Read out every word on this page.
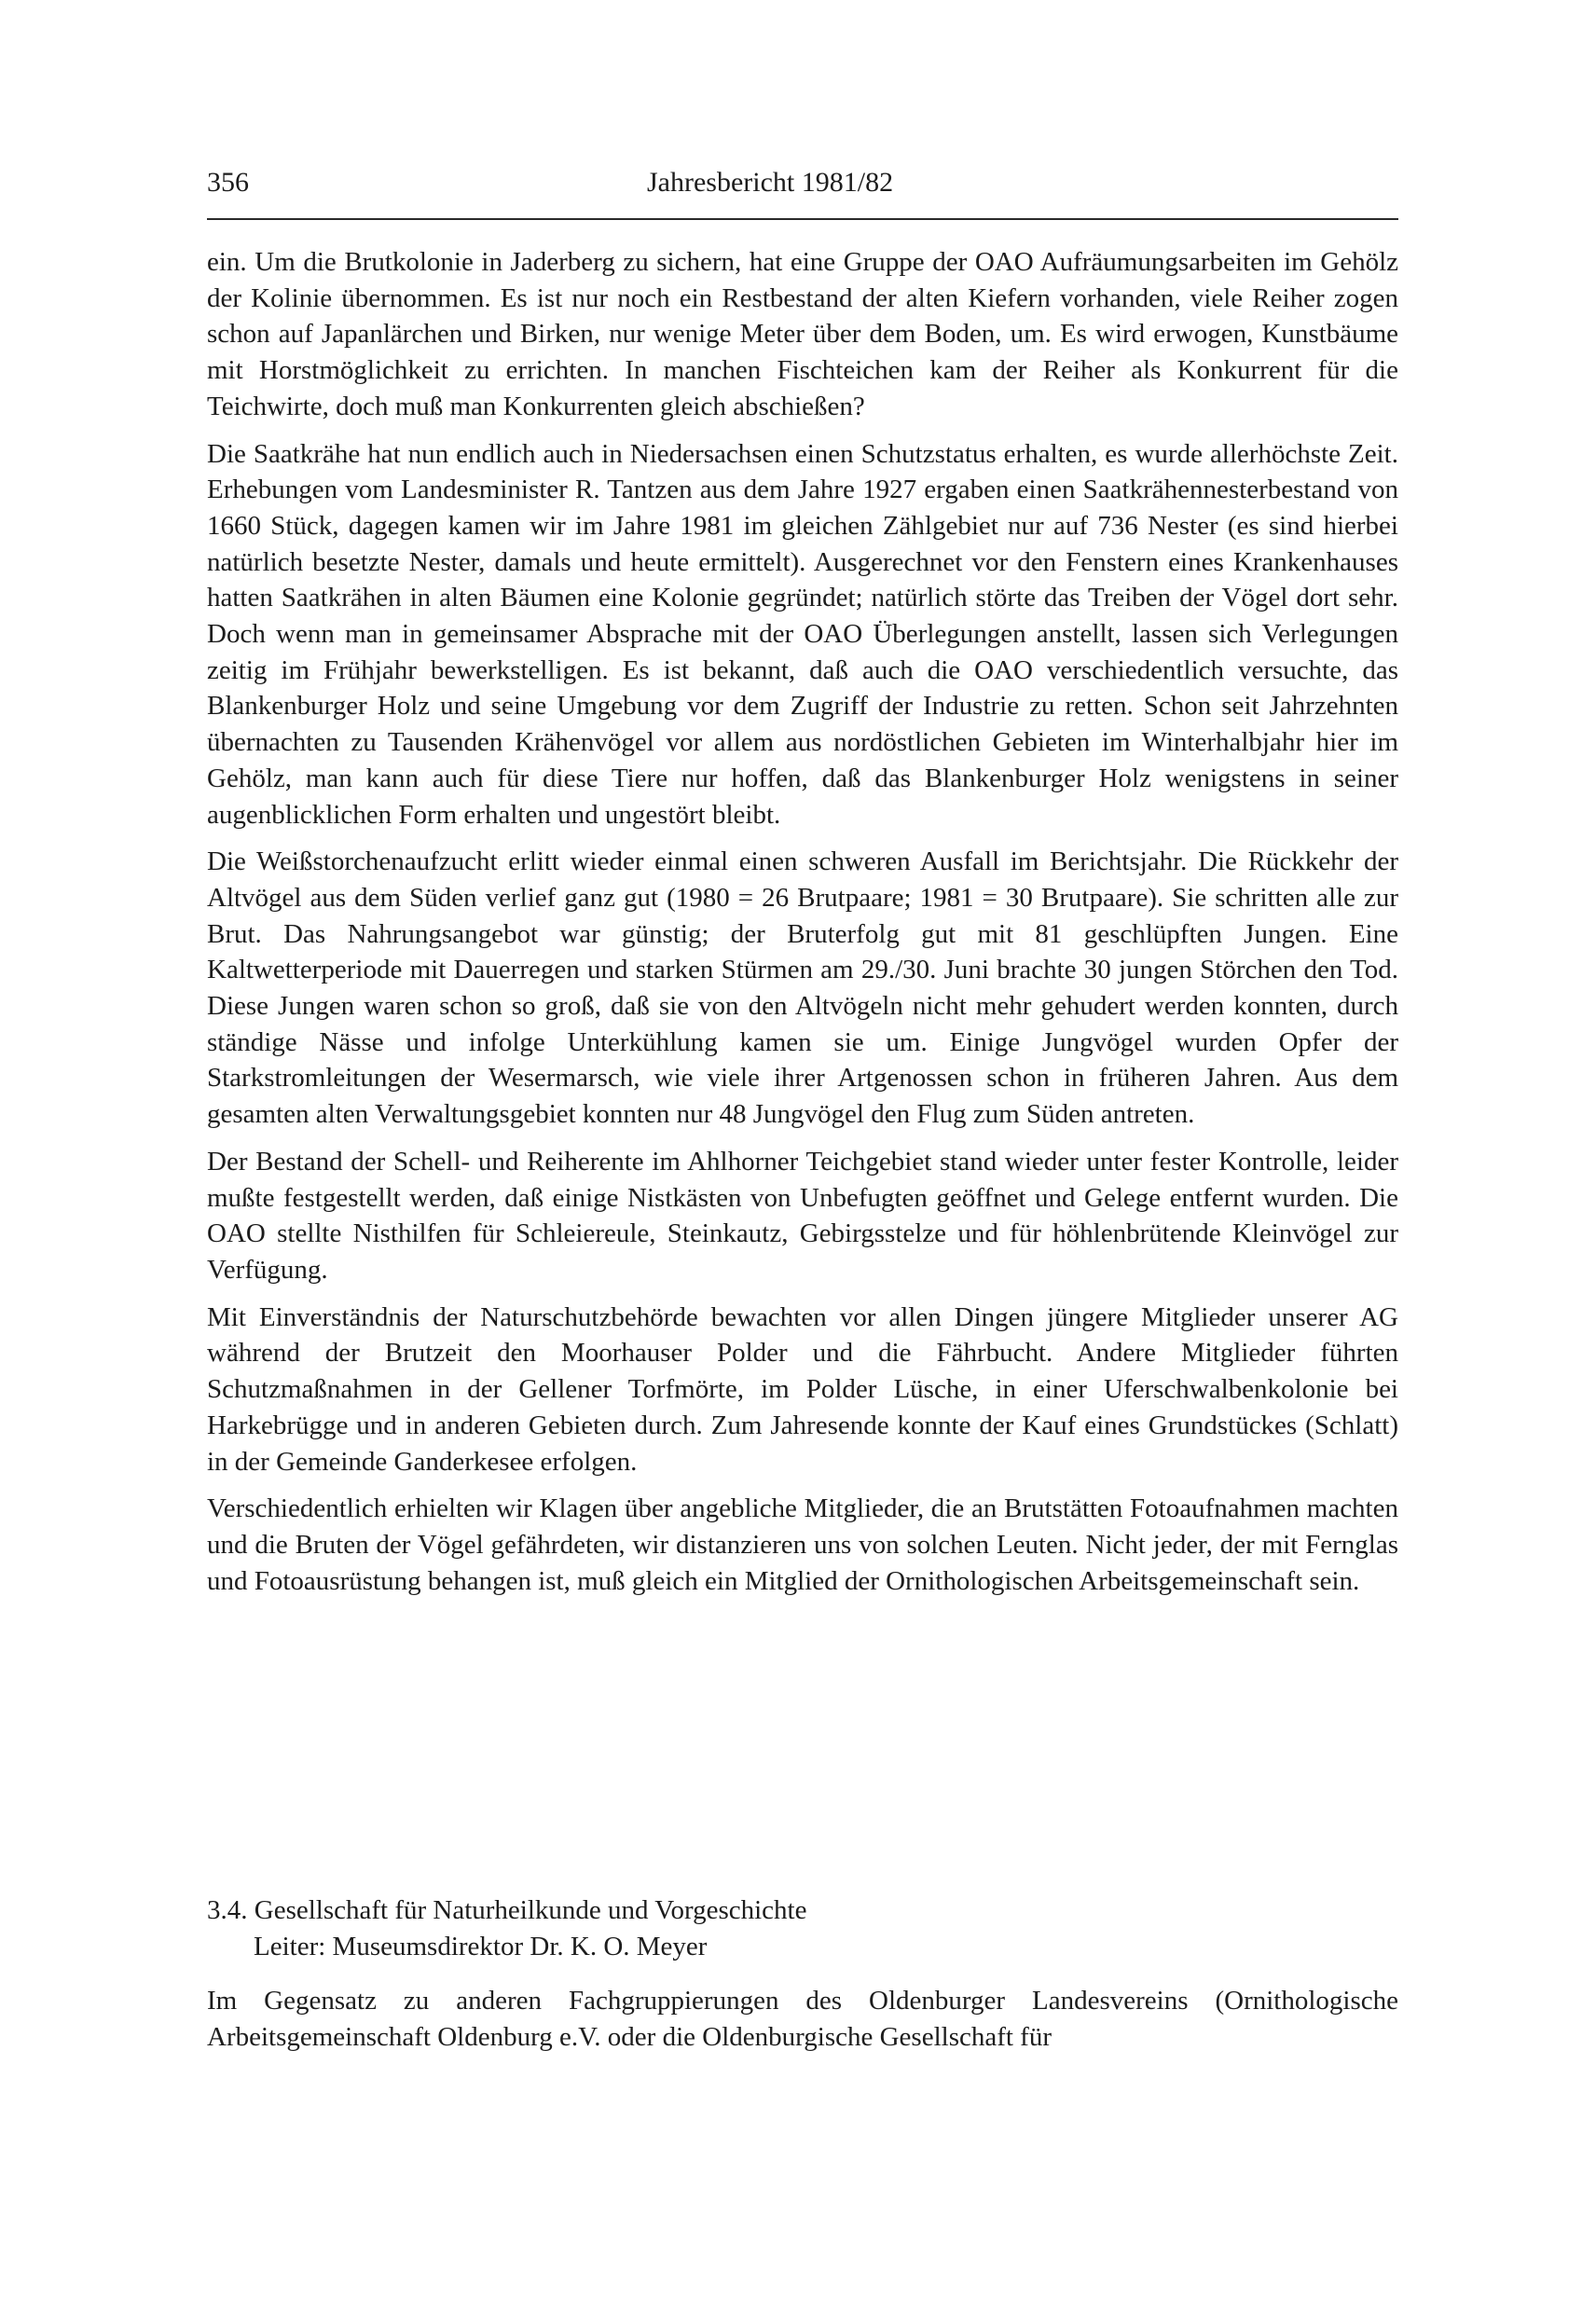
356	Jahresbericht 1981/82

ein. Um die Brutkolonie in Jaderberg zu sichern, hat eine Gruppe der OAO Aufräumungsarbeiten im Gehölz der Kolinie übernommen. Es ist nur noch ein Restbestand der alten Kiefern vorhanden, viele Reiher zogen schon auf Japanlärchen und Birken, nur wenige Meter über dem Boden, um. Es wird erwogen, Kunstbäume mit Horstmöglichkeit zu errichten. In manchen Fischteichen kam der Reiher als Konkurrent für die Teichwirte, doch muß man Konkurrenten gleich abschießen?

Die Saatkrähe hat nun endlich auch in Niedersachsen einen Schutzstatus erhalten, es wurde allerhöchste Zeit. Erhebungen vom Landesminister R. Tantzen aus dem Jahre 1927 ergaben einen Saatkrähennesterbestand von 1660 Stück, dagegen kamen wir im Jahre 1981 im gleichen Zählgebiet nur auf 736 Nester (es sind hierbei natürlich besetzte Nester, damals und heute ermittelt). Ausgerechnet vor den Fenstern eines Krankenhauses hatten Saatkrähen in alten Bäumen eine Kolonie gegründet; natürlich störte das Treiben der Vögel dort sehr. Doch wenn man in gemeinsamer Absprache mit der OAO Überlegungen anstellt, lassen sich Verlegungen zeitig im Frühjahr bewerkstelligen. Es ist bekannt, daß auch die OAO verschiedentlich versuchte, das Blankenburger Holz und seine Umgebung vor dem Zugriff der Industrie zu retten. Schon seit Jahrzehnten übernachten zu Tausenden Krähenvögel vor allem aus nordöstlichen Gebieten im Winterhalbjahr hier im Gehölz, man kann auch für diese Tiere nur hoffen, daß das Blankenburger Holz wenigstens in seiner augenblicklichen Form erhalten und ungestört bleibt.

Die Weißstorchenaufzucht erlitt wieder einmal einen schweren Ausfall im Berichtsjahr. Die Rückkehr der Altvögel aus dem Süden verlief ganz gut (1980 = 26 Brutpaare; 1981 = 30 Brutpaare). Sie schritten alle zur Brut. Das Nahrungsangebot war günstig; der Bruterfolg gut mit 81 geschlüpften Jungen. Eine Kaltwetterperiode mit Dauerregen und starken Stürmen am 29./30. Juni brachte 30 jungen Störchen den Tod. Diese Jungen waren schon so groß, daß sie von den Altvögeln nicht mehr gehudert werden konnten, durch ständige Nässe und infolge Unterkühlung kamen sie um. Einige Jungvögel wurden Opfer der Starkstromleitungen der Wesermarsch, wie viele ihrer Artgenossen schon in früheren Jahren. Aus dem gesamten alten Verwaltungsgebiet konnten nur 48 Jungvögel den Flug zum Süden antreten.

Der Bestand der Schell- und Reiherente im Ahlhorner Teichgebiet stand wieder unter fester Kontrolle, leider mußte festgestellt werden, daß einige Nistkästen von Unbefugten geöffnet und Gelege entfernt wurden. Die OAO stellte Nisthilfen für Schleiereule, Steinkautz, Gebirgsstelze und für höhlenbrütende Kleinvögel zur Verfügung.

Mit Einverständnis der Naturschutzbehörde bewachten vor allen Dingen jüngere Mitglieder unserer AG während der Brutzeit den Moorhauser Polder und die Fährbucht. Andere Mitglieder führten Schutzmaßnahmen in der Gellener Torfmörte, im Polder Lüsche, in einer Uferschwalbenkolonie bei Harkebrügge und in anderen Gebieten durch. Zum Jahresende konnte der Kauf eines Grundstückes (Schlatt) in der Gemeinde Ganderkesee erfolgen.

Verschiedentlich erhielten wir Klagen über angebliche Mitglieder, die an Brutstätten Fotoaufnahmen machten und die Bruten der Vögel gefährdeten, wir distanzieren uns von solchen Leuten. Nicht jeder, der mit Fernglas und Fotoausrüstung behangen ist, muß gleich ein Mitglied der Ornithologischen Arbeitsgemeinschaft sein.

3.4. Gesellschaft für Naturheilkunde und Vorgeschichte

Leiter: Museumsdirektor Dr. K. O. Meyer

Im Gegensatz zu anderen Fachgruppierungen des Oldenburger Landesvereins (Ornithologische Arbeitsgemeinschaft Oldenburg e.V. oder die Oldenburgische Gesellschaft für
